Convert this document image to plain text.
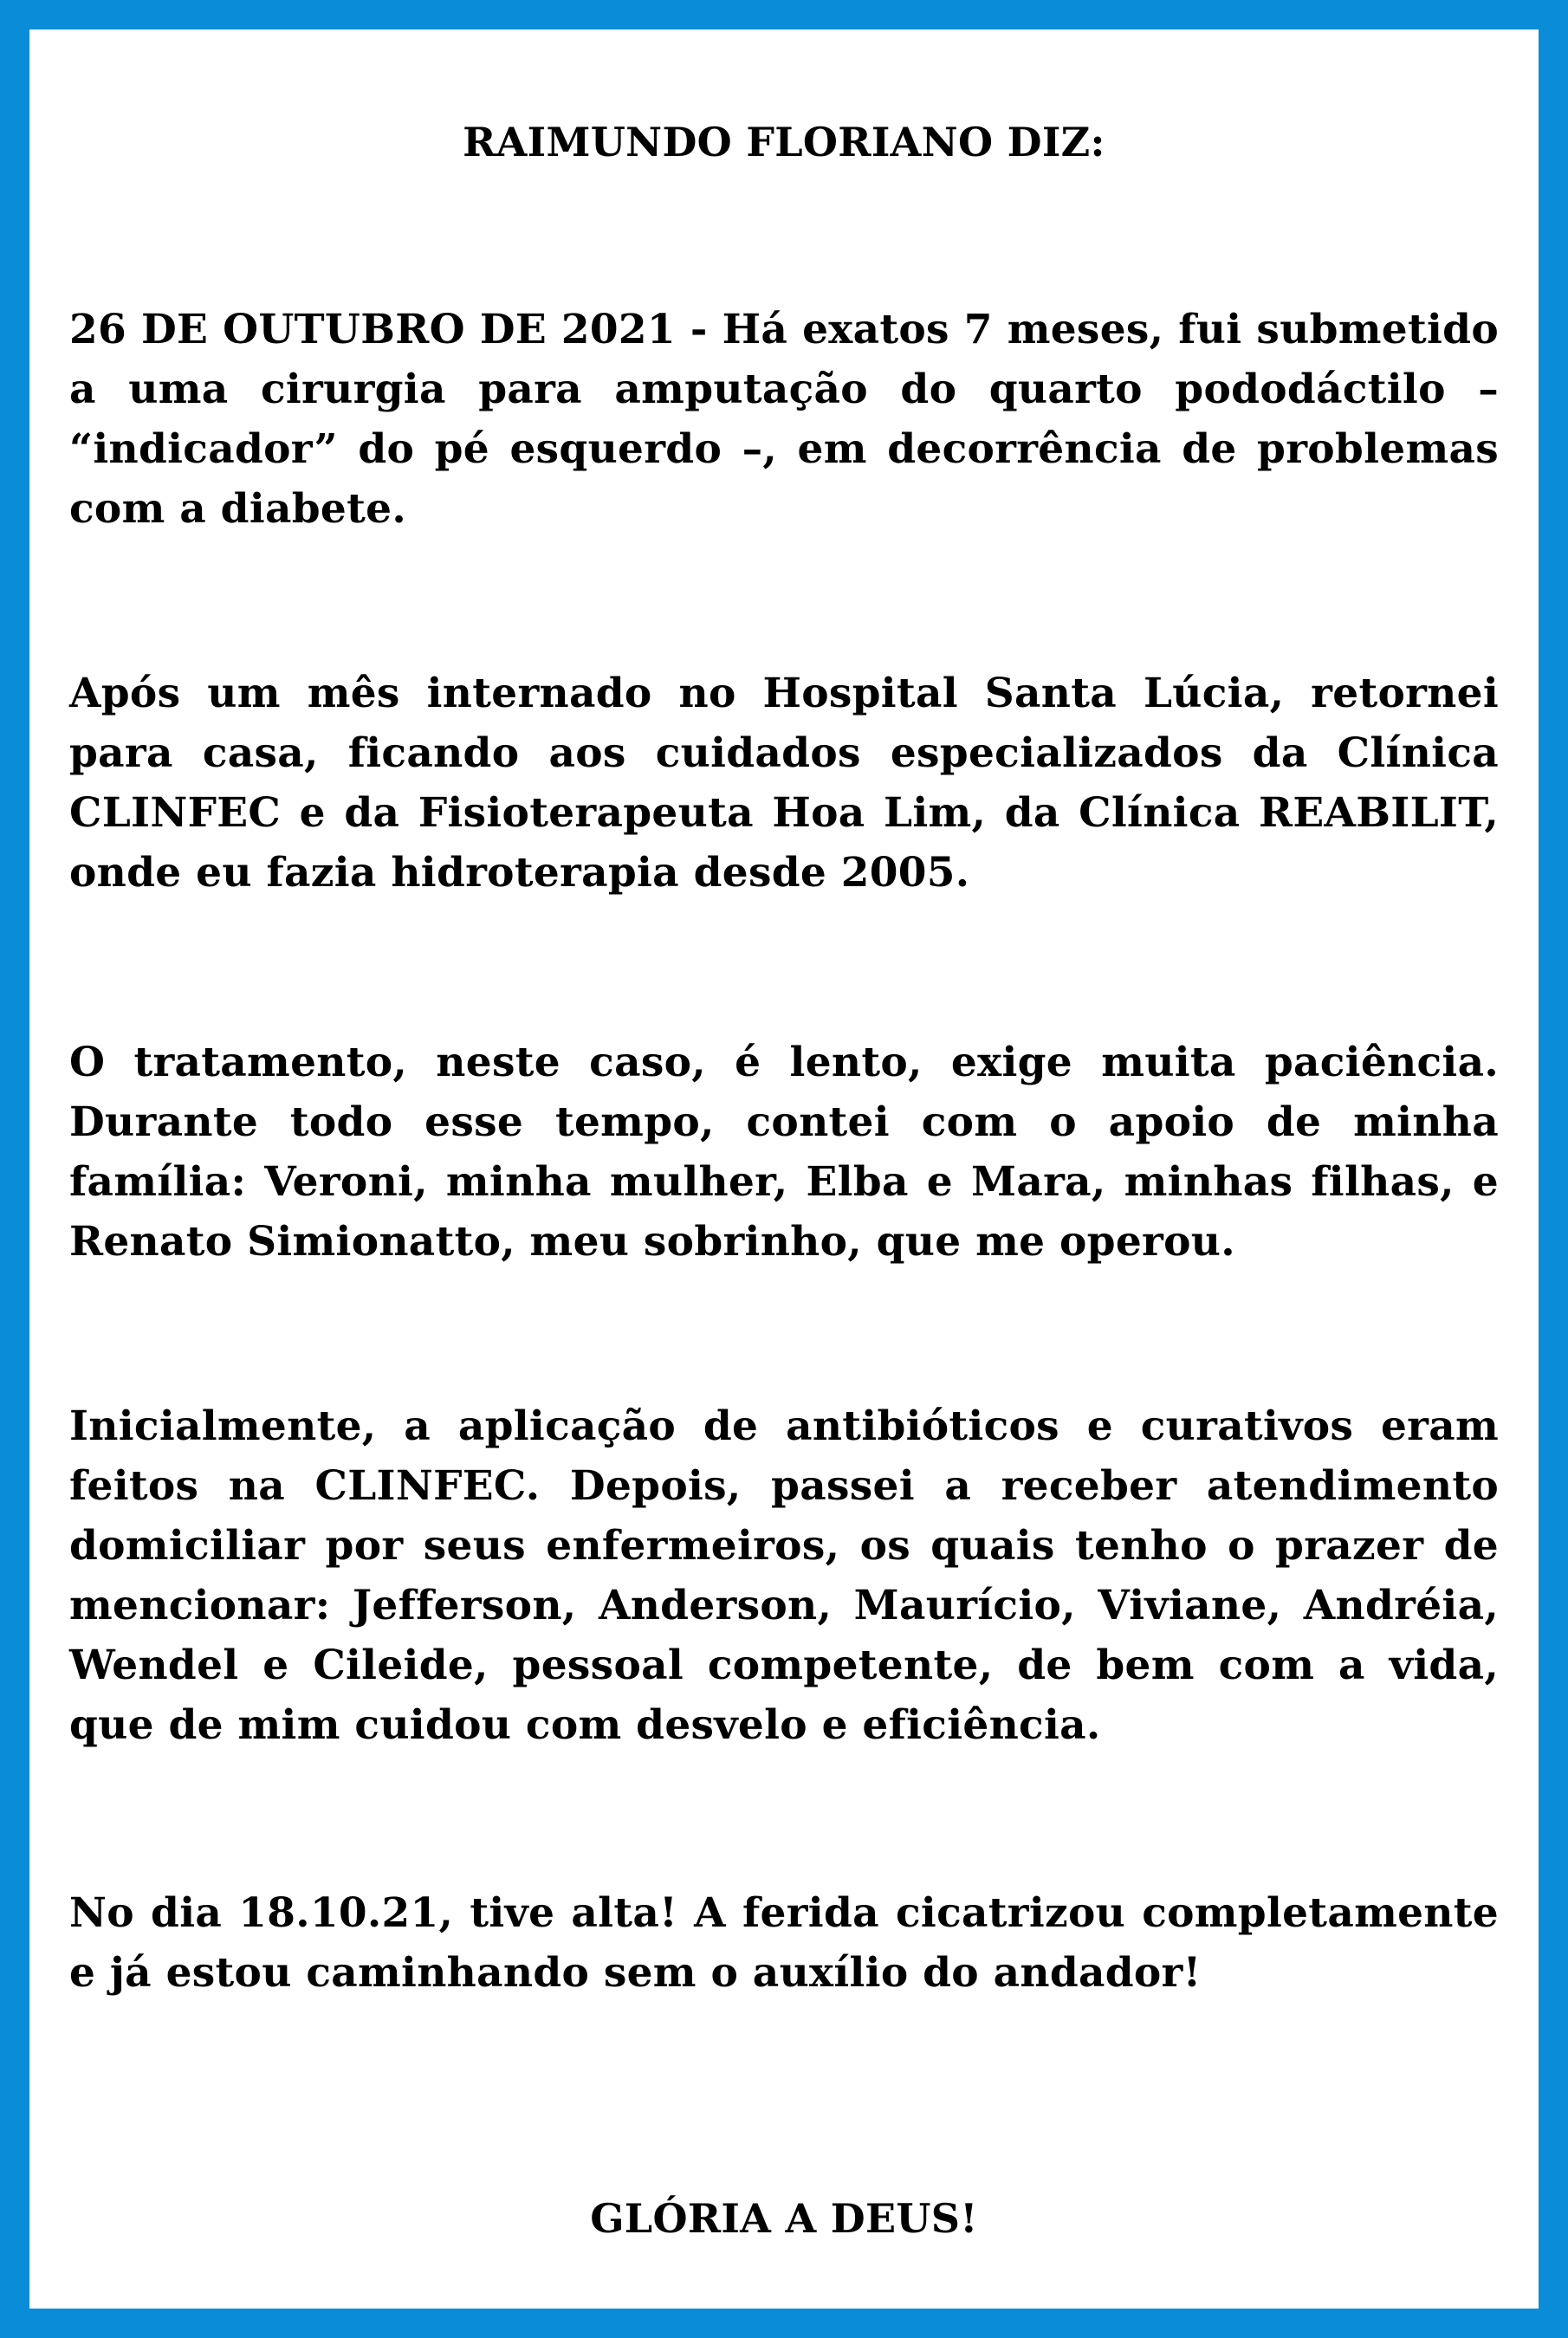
RAIMUNDO FLORIANO DIZ:

26 DE OUTUBRO DE 2021 - Há exatos 7 meses, fui submetido a uma cirurgia para amputação do quarto pododáctilo – “indicador” do pé esquerdo –, em decorrência de problemas com a diabete.

Após um mês internado no Hospital Santa Lúcia, retornei para casa, ficando aos cuidados especializados da Clínica CLINFEC e da Fisioterapeuta Hoa Lim, da Clínica REABILIT, onde eu fazia hidroterapia desde 2005.

O tratamento, neste caso, é lento, exige muita paciência. Durante todo esse tempo, contei com o apoio de minha família: Veroni, minha mulher, Elba e Mara, minhas filhas, e Renato Simionatto, meu sobrinho, que me operou.

Inicialmente, a aplicação de antibióticos e curativos eram feitos na CLINFEC. Depois, passei a receber atendimento domiciliar por seus enfermeiros, os quais tenho o prazer de mencionar: Jefferson, Anderson, Maurício, Viviane, Andréia, Wendel e Cileide, pessoal competente, de bem com a vida, que de mim cuidou com desvelo e eficiência.

No dia 18.10.21, tive alta! A ferida cicatrizou completamente e já estou caminhando sem o auxílio do andador!

GLÓRIA A DEUS!
